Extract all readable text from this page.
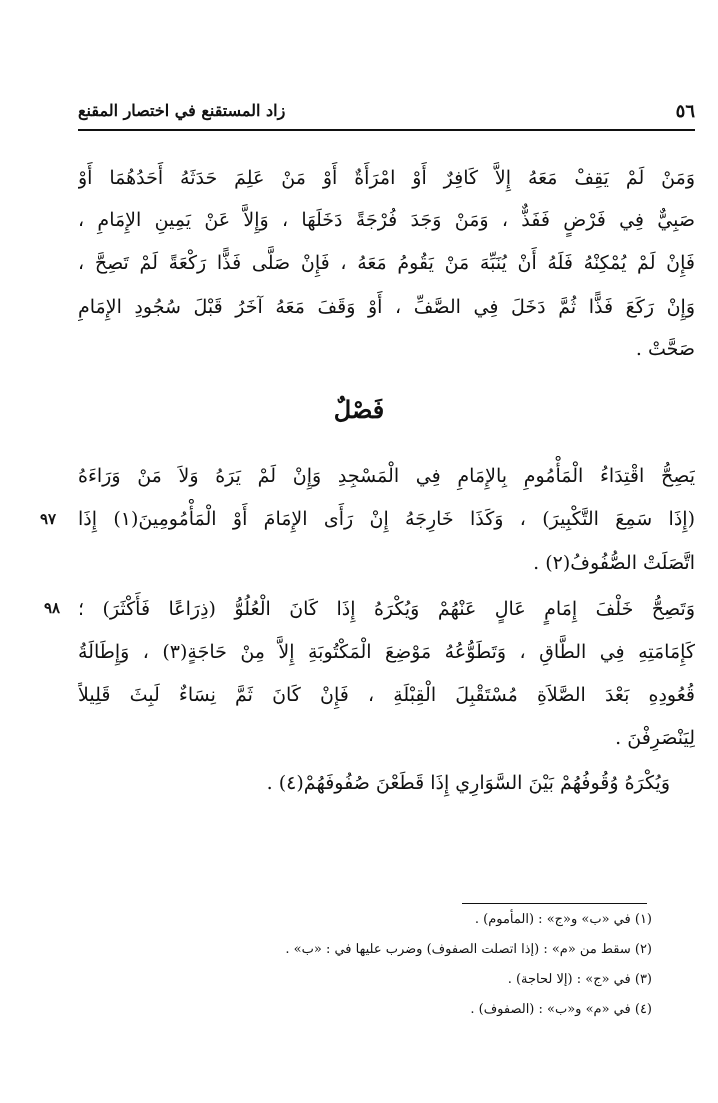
٥٦
زاد المستقنع في اختصار المقنع
وَمَنْ لَمْ يَقِفْ مَعَهُ إِلاَّ كَافِرٌ أَوْ امْرَأَةٌ أَوْ مَنْ عَلِمَ حَدَثَهُ أَحَدُهُمَا أَوْ
صَبِيٌّ فِي فَرْضٍ فَفَذٌّ ، وَمَنْ وَجَدَ فُرْجَةً دَخَلَهَا ، وَإِلاَّ عَنْ يَمِينِ الإِمَامِ ،
فَإِنْ لَمْ يُمْكِنْهُ فَلَهُ أَنْ يُنَبِّهَ مَنْ يَقُومُ مَعَهُ ، فَإِنْ صَلَّى فَذًّا رَكْعَةً لَمْ تَصِحَّ ،
وَإِنْ رَكَعَ فَذًّا ثُمَّ دَخَلَ فِي الصَّفِّ ، أَوْ وَقَفَ مَعَهُ آخَرُ قَبْلَ سُجُودِ الإِمَامِ
صَحَّتْ .
فَصْلٌ
يَصِحُّ اقْتِدَاءُ الْمَأْمُومِ بِالإِمَامِ فِي الْمَسْجِدِ وَإِنْ لَمْ يَرَهُ وَلاَ مَنْ وَرَاءَهُ
(إِذَا سَمِعَ التَّكْبِيرَ) ، وَكَذَا خَارِجَهُ إِنْ رَأَى الإِمَامَ أَوْ الْمَأْمُومِينَ(١) إِذَا
اتَّصَلَتْ الصُّفُوفُ(٢) .
٩٧
وَتَصِحُّ خَلْفَ إِمَامٍ عَالٍ عَنْهُمْ وَيُكْرَهُ إِذَا كَانَ الْعُلُوُّ (ذِرَاعًا فَأَكْثَرَ) ؛
كَإِمَامَتِهِ فِي الطَّاقِ ، وَتَطَوُّعُهُ مَوْضِعَ الْمَكْتُوبَةِ إِلاَّ مِنْ حَاجَةٍ(٣) ، وَإِطَالَةُ
قُعُودِهِ بَعْدَ الصَّلاَةِ مُسْتَقْبِلَ الْقِبْلَةِ ، فَإِنْ كَانَ ثَمَّ نِسَاءٌ لَبِثَ قَلِيلاً
لِيَنْصَرِفْنَ .
٩٨
وَيُكْرَهُ وُقُوفُهُمْ بَيْنَ السَّوَارِي إِذَا قَطَعْنَ صُفُوفَهُمْ(٤) .
(١) في «ب» و«ج» : (المأموم) .
(٢) سقط من «م» : (إذا اتصلت الصفوف) وضرب عليها في : «ب» .
(٣) في «ج» : (إلا لحاجة) .
(٤) في «م» و«ب» : (الصفوف) .
